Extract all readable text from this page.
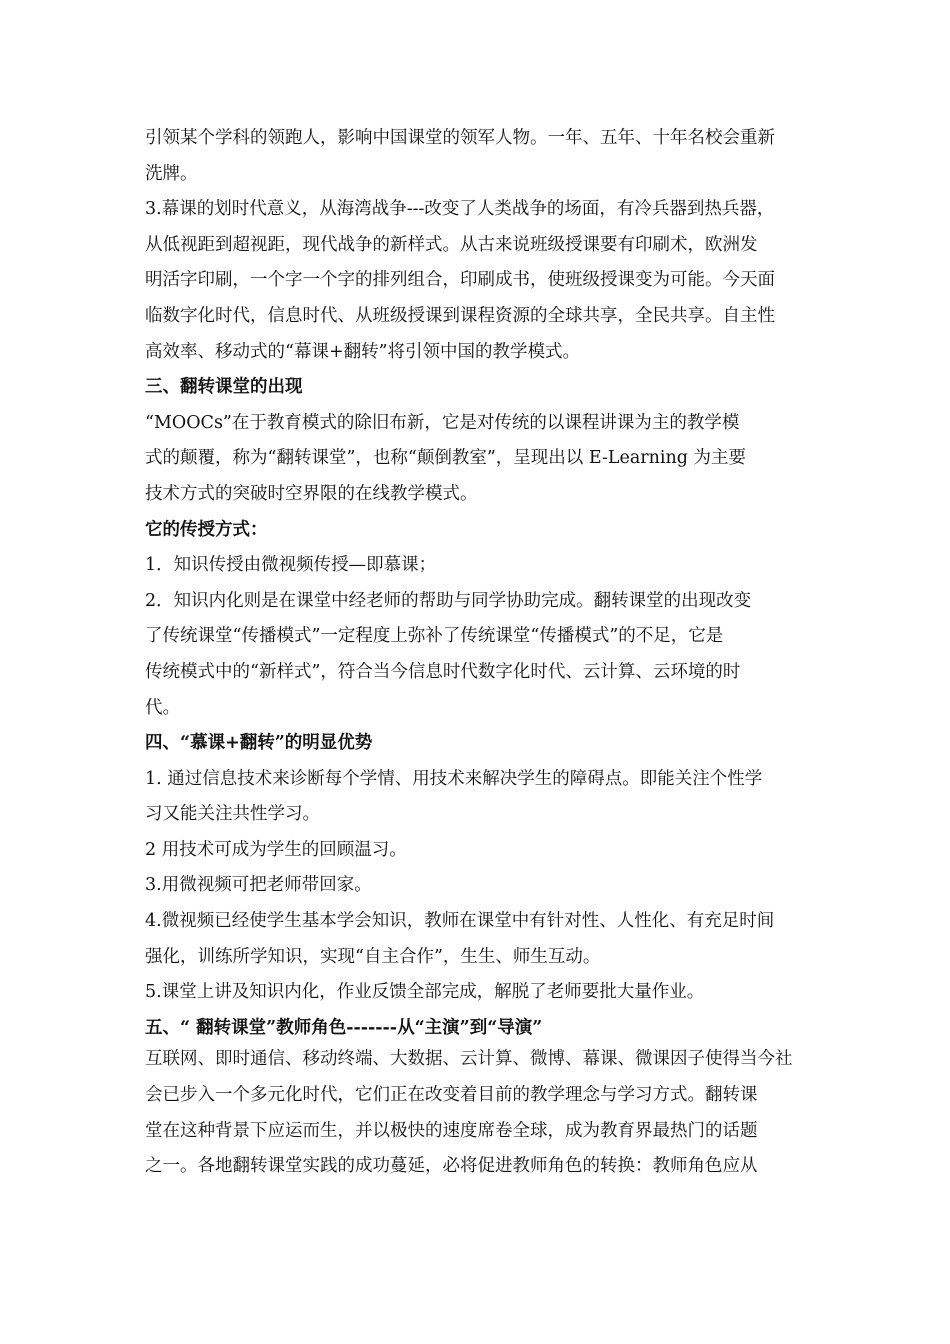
引领某个学科的领跑人，影响中国课堂的领军人物。一年、五年、十年名校会重新
洗牌。
3.幕课的划时代意义，从海湾战争---改变了人类战争的场面，有冷兵器到热兵器，
从低视距到超视距，现代战争的新样式。从古来说班级授课要有印刷术，欧洲发
明活字印刷，一个字一个字的排列组合，印刷成书，使班级授课变为可能。今天面
临数字化时代，信息时代、从班级授课到课程资源的全球共享，全民共享。自主性
高效率、移动式的“幕课+翻转”将引领中国的教学模式。
三、翻转课堂的出现
“MOOCs”在于教育模式的除旧布新，它是对传统的以课程讲课为主的教学模
式的颠覆，称为“翻转课堂”，也称“颠倒教室”，呈现出以 E-Learning 为主要
技术方式的突破时空界限的在线教学模式。
它的传授方式：
1．知识传授由微视频传授—即慕课；
2．知识内化则是在课堂中经老师的帮助与同学协助完成。翻转课堂的出现改变
了传统课堂“传播模式”一定程度上弥补了传统课堂“传播模式”的不足，它是
传统模式中的“新样式”，符合当今信息时代数字化时代、云计算、云环境的时
代。
四、“慕课+翻转”的明显优势
1. 通过信息技术来诊断每个学情、用技术来解决学生的障碍点。即能关注个性学
习又能关注共性学习。
2 用技术可成为学生的回顾温习。
3.用微视频可把老师带回家。
4.微视频已经使学生基本学会知识，教师在课堂中有针对性、人性化、有充足时间
强化，训练所学知识，实现“自主合作”，生生、师生互动。
5.课堂上讲及知识内化，作业反馈全部完成，解脱了老师要批大量作业。
五、“ 翻转课堂”教师角色-------从“主演”到“导演”
互联网、即时通信、移动终端、大数据、云计算、微博、幕课、微课因子使得当今社
会已步入一个多元化时代，它们正在改变着目前的教学理念与学习方式。翻转课
堂在这种背景下应运而生，并以极快的速度席卷全球，成为教育界最热门的话题
之一。各地翻转课堂实践的成功蔓延，必将促进教师角色的转换：教师角色应从
